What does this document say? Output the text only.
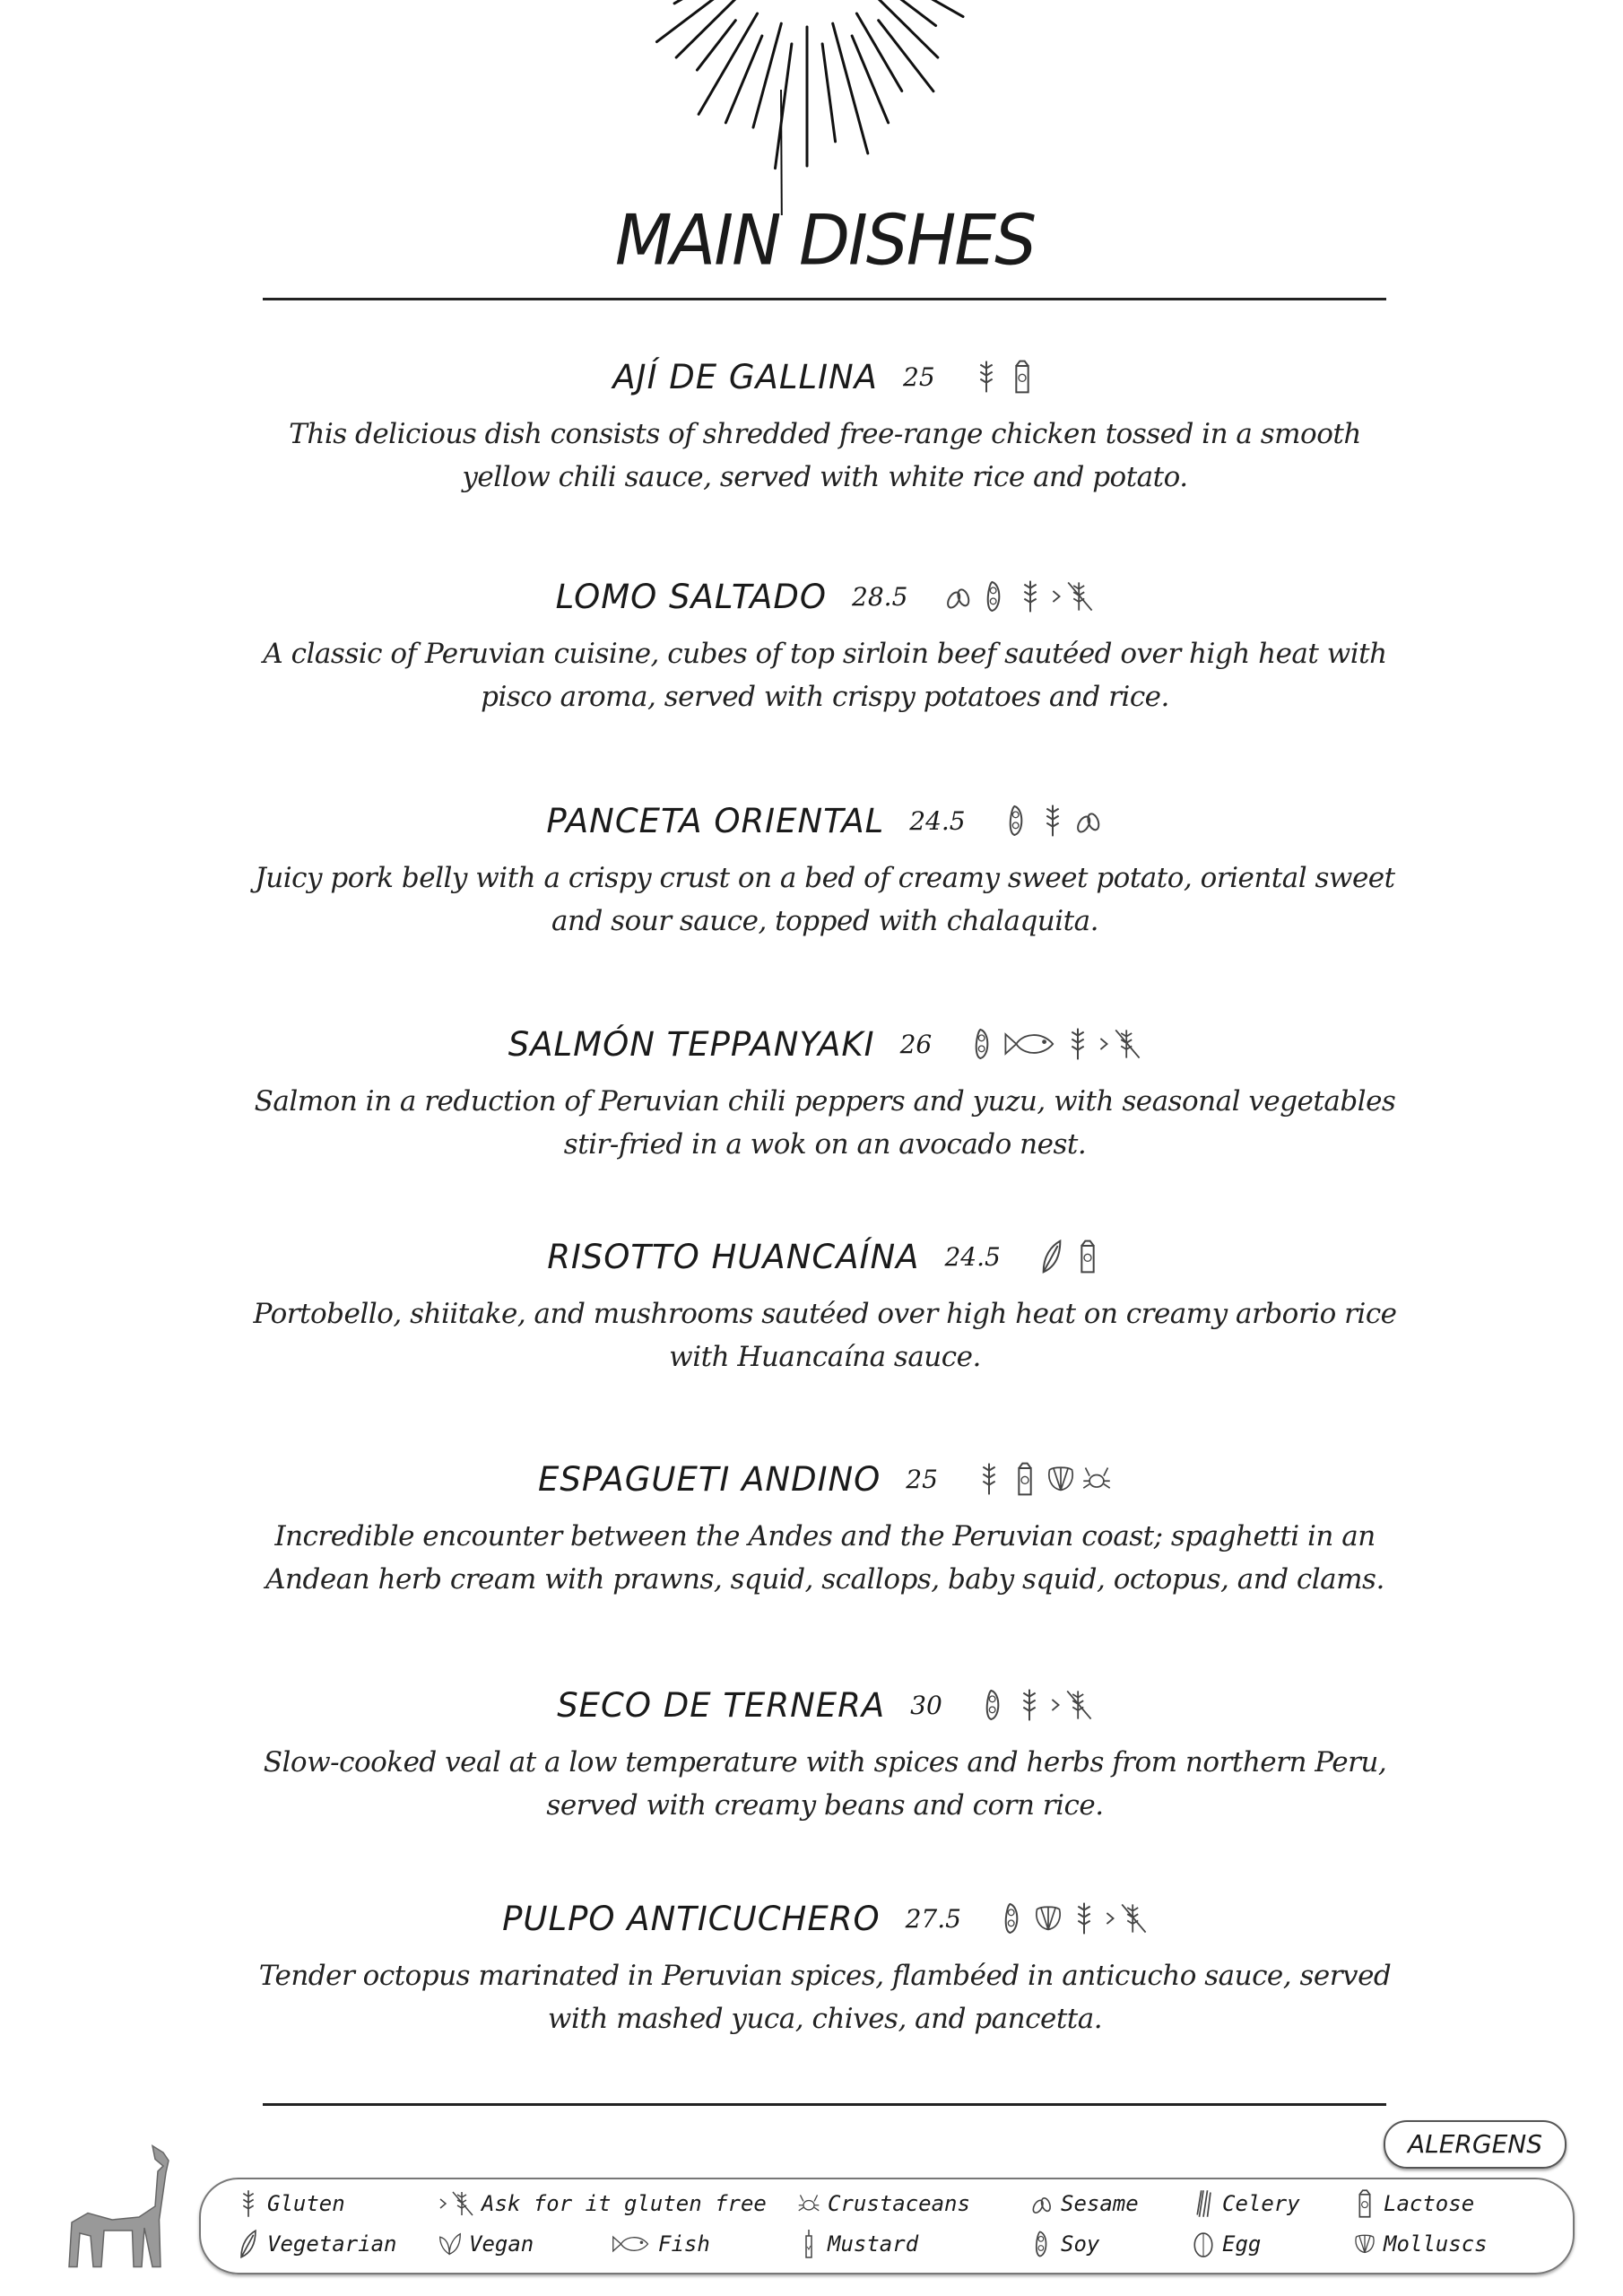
MAIN DISHES
AJÍ DE GALLINA 25
This delicious dish consists of shredded free-range chicken tossed in a smooth yellow chili sauce, served with white rice and potato.
LOMO SALTADO 28.5
A classic of Peruvian cuisine, cubes of top sirloin beef sautéed over high heat with pisco aroma, served with crispy potatoes and rice.
PANCETA ORIENTAL 24.5
Juicy pork belly with a crispy crust on a bed of creamy sweet potato, oriental sweet and sour sauce, topped with chalaquita.
SALMÓN TEPPANYAKI 26
Salmon in a reduction of Peruvian chili peppers and yuzu, with seasonal vegetables stir-fried in a wok on an avocado nest.
RISOTTO HUANCAÍNA 24.5
Portobello, shiitake, and mushrooms sautéed over high heat on creamy arborio rice with Huancaína sauce.
ESPAGUETI ANDINO 25
Incredible encounter between the Andes and the Peruvian coast; spaghetti in an Andean herb cream with prawns, squid, scallops, baby squid, octopus, and clams.
SECO DE TERNERA 30
Slow-cooked veal at a low temperature with spices and herbs from northern Peru, served with creamy beans and corn rice.
PULPO ANTICUCHERO 27.5
Tender octopus marinated in Peruvian spices, flambéed in anticucho sauce, served with mashed yuca, chives, and pancetta.
ALERGENS
Gluten	Ask for it gluten free	Crustaceans	Sesame	Celery	Lactose
Vegetarian	Vegan	Fish	Mustard	Soy	Egg	Molluscs
